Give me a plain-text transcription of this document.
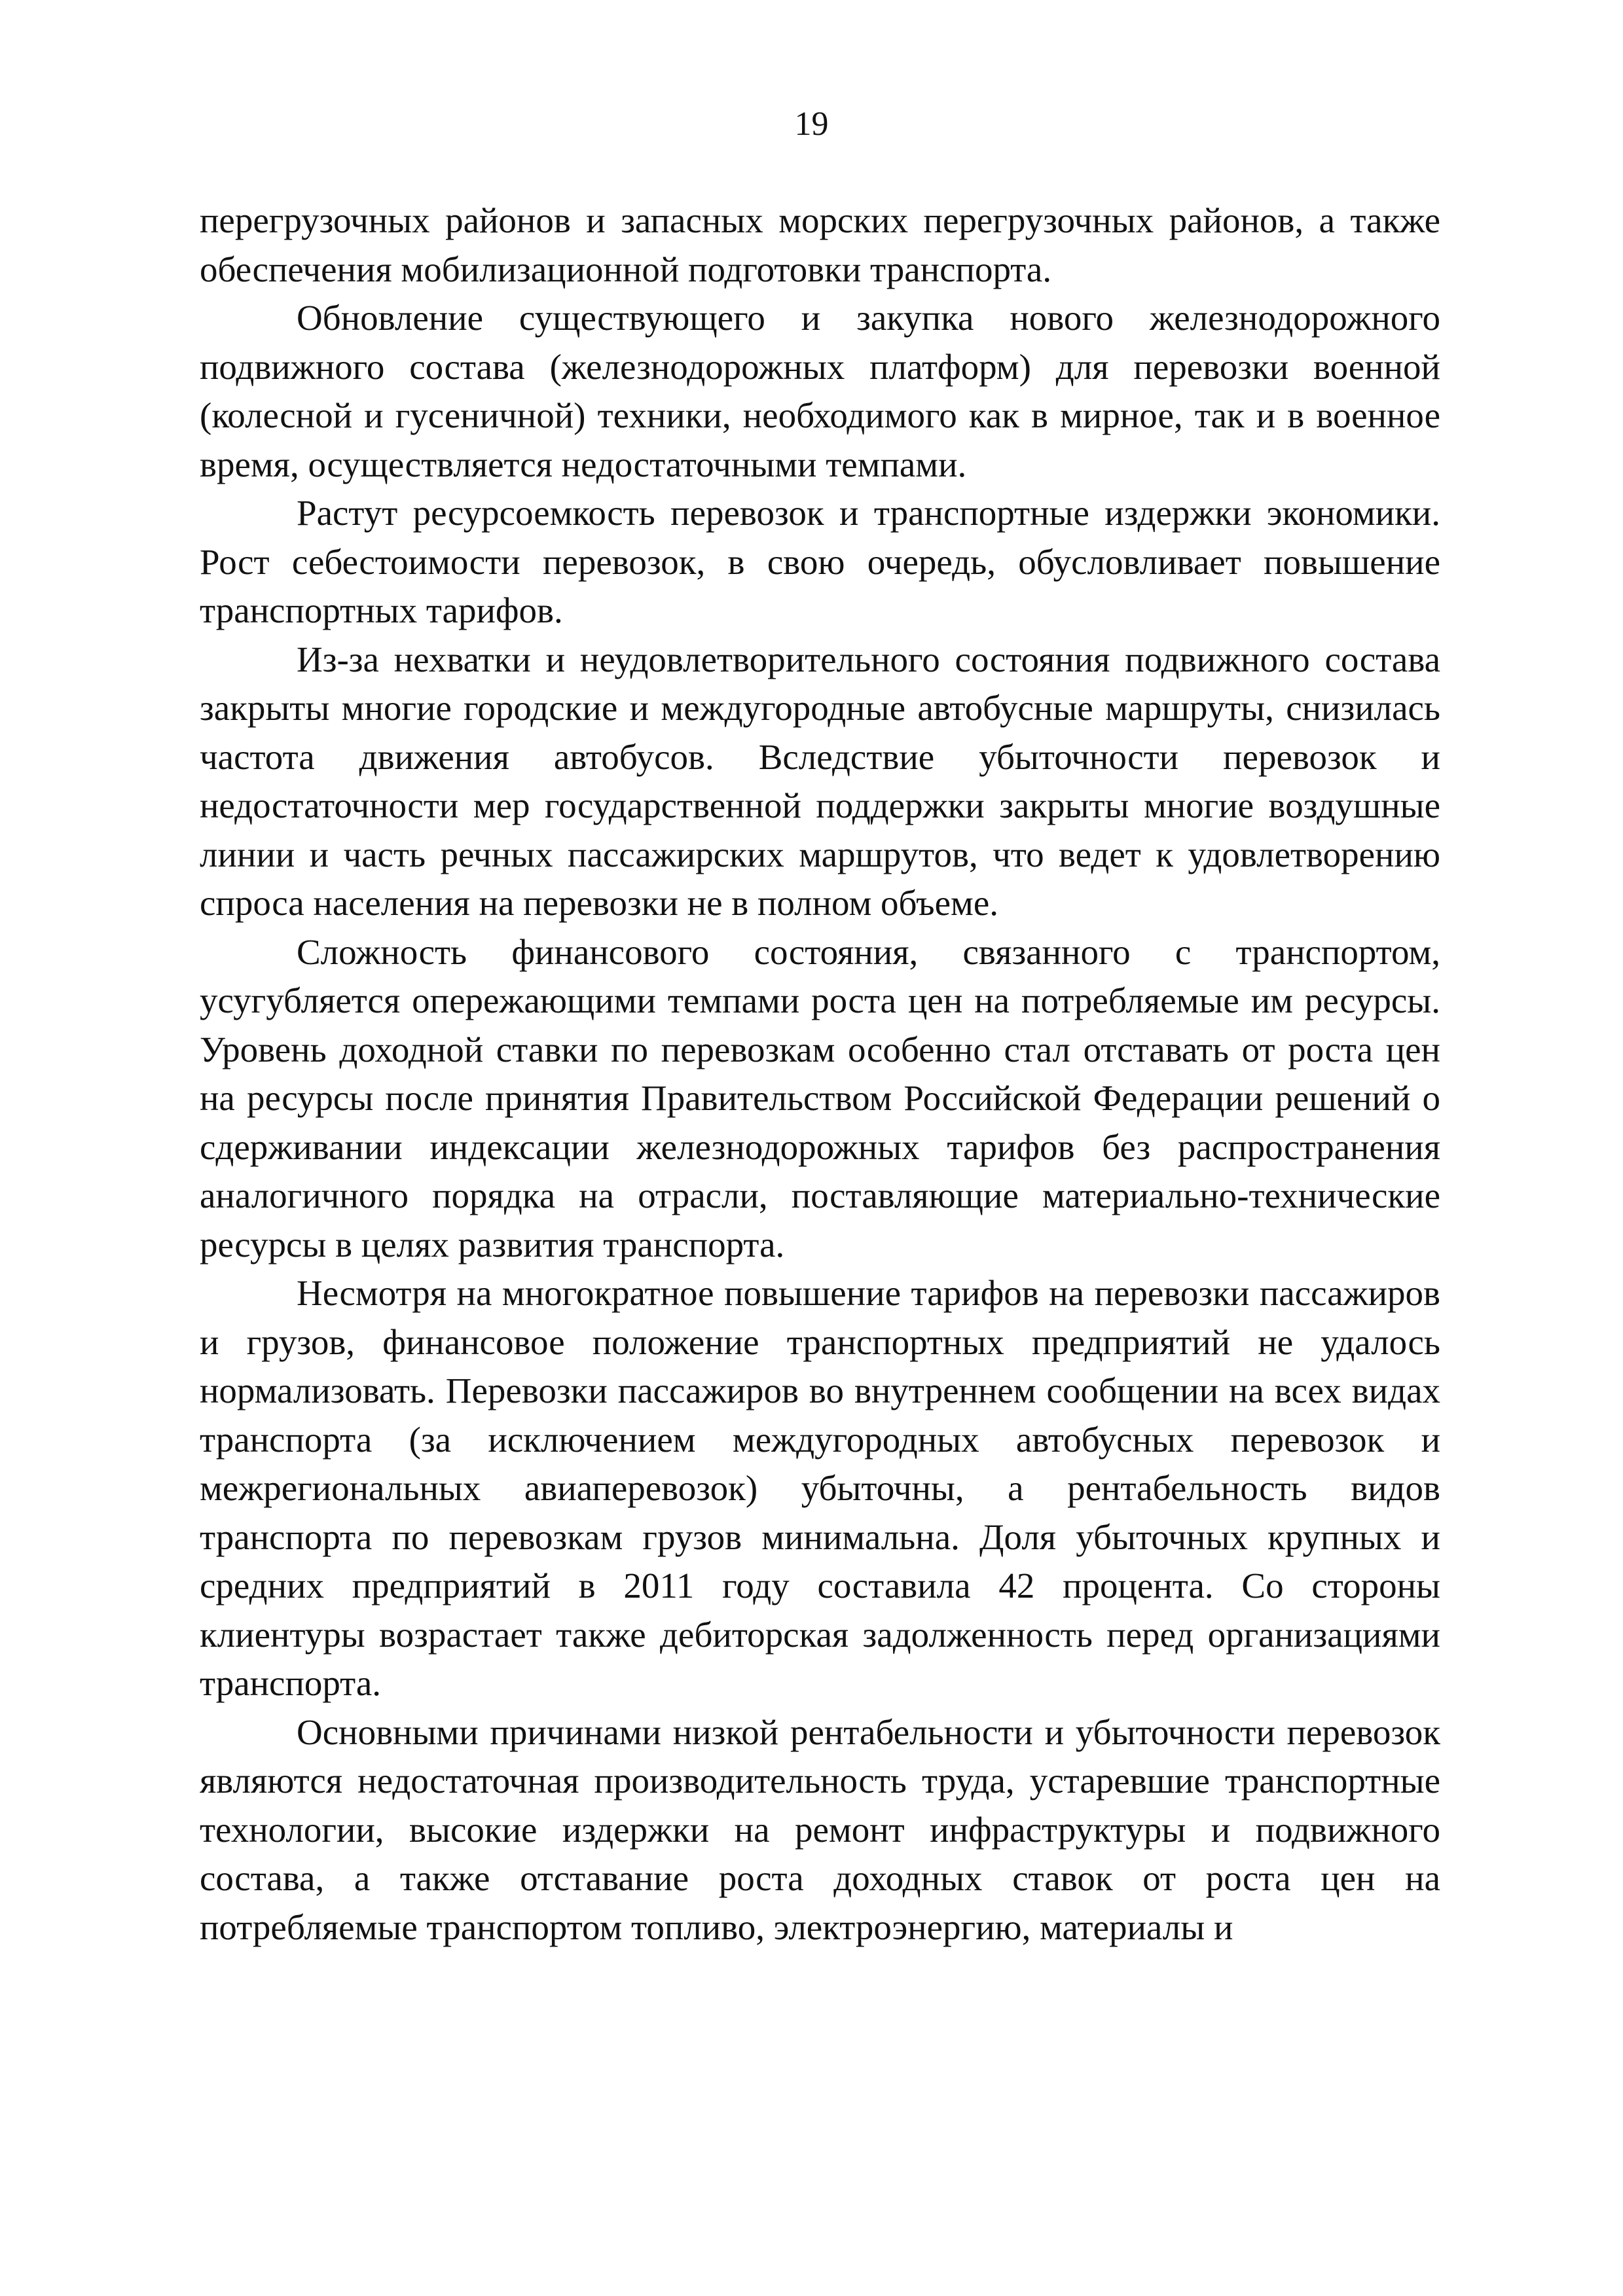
19

перегрузочных районов и запасных морских перегрузочных районов, а также обеспечения мобилизационной подготовки транспорта.

Обновление существующего и закупка нового железнодорожного подвижного состава (железнодорожных платформ) для перевозки военной (колесной и гусеничной) техники, необходимого как в мирное, так и в военное время, осуществляется недостаточными темпами.

Растут ресурсоемкость перевозок и транспортные издержки экономики. Рост себестоимости перевозок, в свою очередь, обусловливает повышение транспортных тарифов.

Из-за нехватки и неудовлетворительного состояния подвижного состава закрыты многие городские и междугородные автобусные маршруты, снизилась частота движения автобусов. Вследствие убыточности перевозок и недостаточности мер государственной поддержки закрыты многие воздушные линии и часть речных пассажирских маршрутов, что ведет к удовлетворению спроса населения на перевозки не в полном объеме.

Сложность финансового состояния, связанного с транспортом, усугубляется опережающими темпами роста цен на потребляемые им ресурсы. Уровень доходной ставки по перевозкам особенно стал отставать от роста цен на ресурсы после принятия Правительством Российской Федерации решений о сдерживании индексации железнодорожных тарифов без распространения аналогичного порядка на отрасли, поставляющие материально-технические ресурсы в целях развития транспорта.

Несмотря на многократное повышение тарифов на перевозки пассажиров и грузов, финансовое положение транспортных предприятий не удалось нормализовать. Перевозки пассажиров во внутреннем сообщении на всех видах транспорта (за исключением междугородных автобусных перевозок и межрегиональных авиаперевозок) убыточны, а рентабельность видов транспорта по перевозкам грузов минимальна. Доля убыточных крупных и средних предприятий в 2011 году составила 42 процента. Со стороны клиентуры возрастает также дебиторская задолженность перед организациями транспорта.

Основными причинами низкой рентабельности и убыточности перевозок являются недостаточная производительность труда, устаревшие транспортные технологии, высокие издержки на ремонт инфраструктуры и подвижного состава, а также отставание роста доходных ставок от роста цен на потребляемые транспортом топливо, электроэнергию, материалы и
